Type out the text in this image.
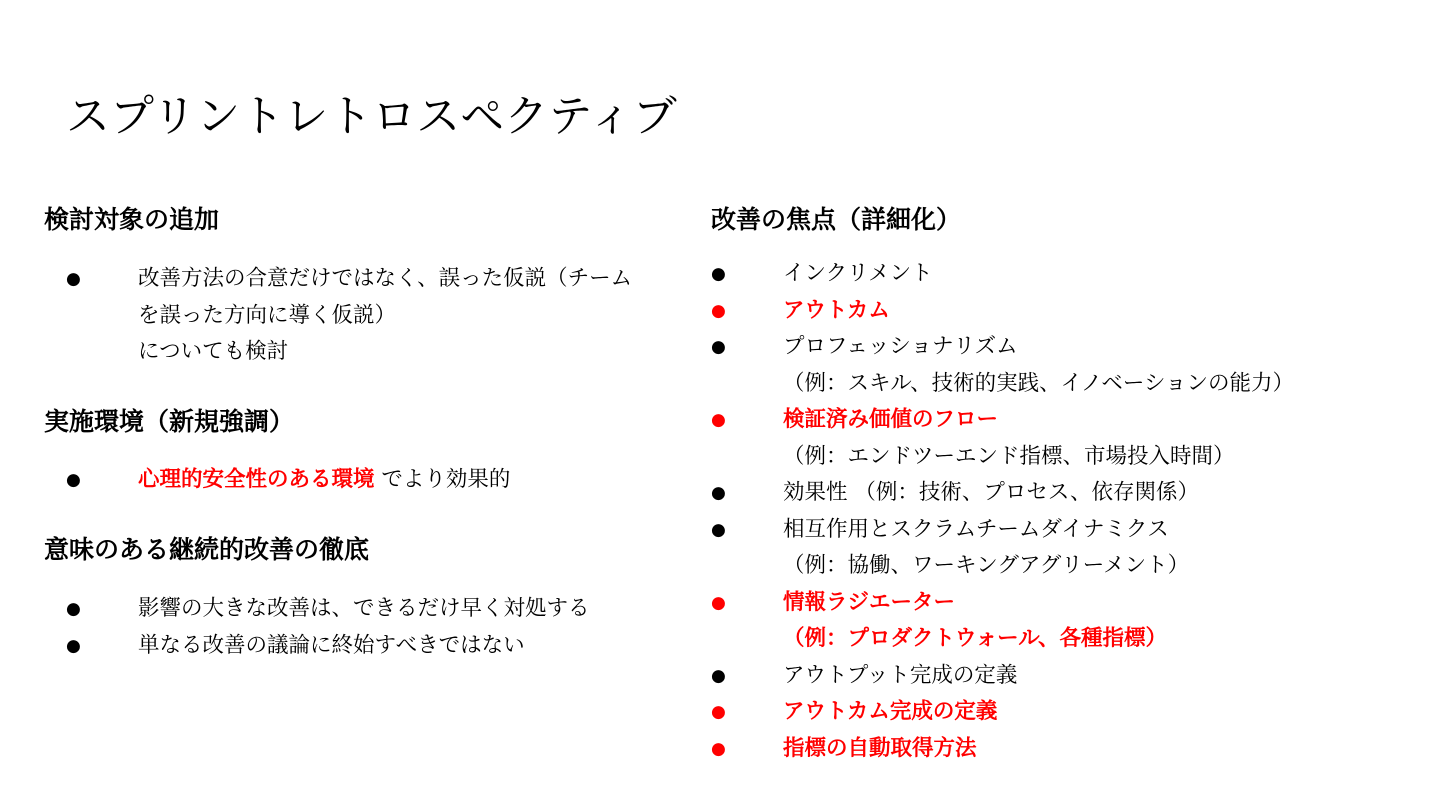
スプリントレトロスペクティブ
検討対象の追加
●	改善方法の合意だけではなく、誤った仮説（チーム
を誤った方向に導く仮説）
についても検討
実施環境（新規強調）
●	心理的安全性のある環境 でより効果的
意味のある継続的改善の徹底
●	影響の大きな改善は、できるだけ早く対処する
●	単なる改善の議論に終始すべきではない
改善の焦点（詳細化）
●	インクリメント
●	アウトカム
●	プロフェッショナリズム
（例：スキル、技術的実践、イノベーションの能力）
●	検証済み価値のフロー
（例：エンドツーエンド指標、市場投入時間）
●	効果性 （例：技術、プロセス、依存関係）
●	相互作用とスクラムチームダイナミクス
（例：協働、ワーキングアグリーメント）
●	情報ラジエーター
（例：プロダクトウォール、各種指標）
●	アウトプット完成の定義
●	アウトカム完成の定義
●	指標の自動取得方法
